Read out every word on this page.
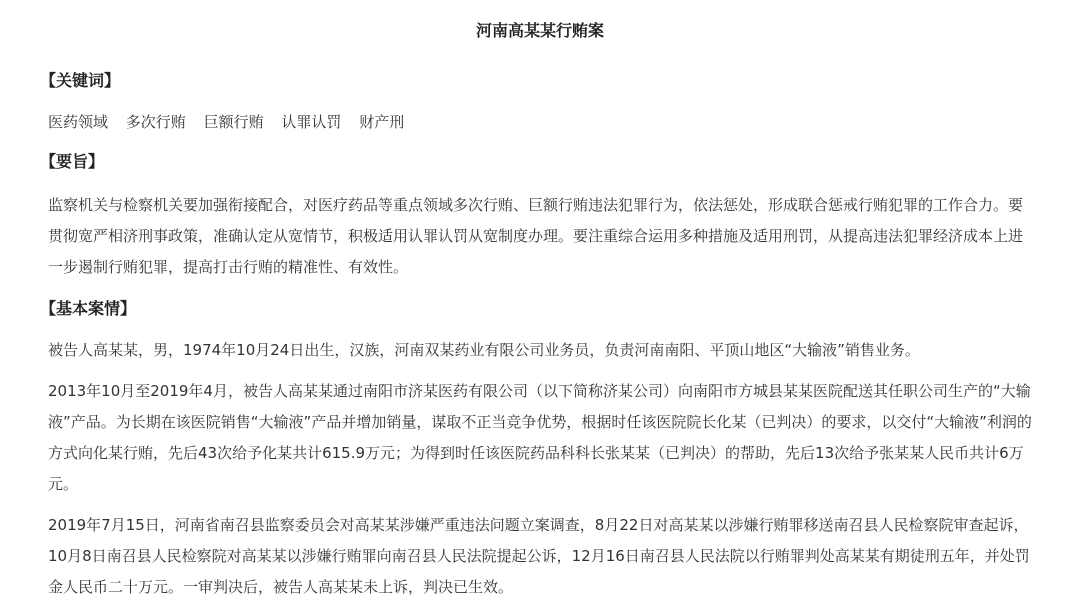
河南高某某行贿案
【关键词】
医药领域 多次行贿 巨额行贿 认罪认罚 财产刑
【要旨】

监察机关与检察机关要加强衔接配合，对医疗药品等重点领域多次行贿、巨额行贿违法犯罪行为，依法惩处，形成联合惩戒行贿犯罪的工作合力。要贯彻宽严相济刑事政策，准确认定从宽情节，积极适用认罪认罚从宽制度办理。要注重综合运用多种措施及适用刑罚，从提高违法犯罪经济成本上进一步遏制行贿犯罪，提高打击行贿的精准性、有效性。

【基本案情】

被告人高某某，男，1974年10月24日出生，汉族，河南双某药业有限公司业务员，负责河南南阳、平顶山地区“大输液”销售业务。

2013年10月至2019年4月，被告人高某某通过南阳市济某医药有限公司（以下简称济某公司）向南阳市方城县某某医院配送其任职公司生产的“大输液”产品。为长期在该医院销售“大输液”产品并增加销量，谋取不正当竞争优势，根据时任该医院院长化某（已判决）的要求，以交付“大输液”利润的方式向化某行贿，先后43次给予化某共计615.9万元；为得到时任该医院药品科科长张某某（已判决）的帮助，先后13次给予张某某人民币共计6万元。

2019年7月15日，河南省南召县监察委员会对高某某涉嫌严重违法问题立案调查，8月22日对高某某以涉嫌行贿罪移送南召县人民检察院审查起诉，10月8日南召县人民检察院对高某某以涉嫌行贿罪向南召县人民法院提起公诉，12月16日南召县人民法院以行贿罪判处高某某有期徒刑五年，并处罚金人民币二十万元。一审判决后，被告人高某某未上诉，判决已生效。
